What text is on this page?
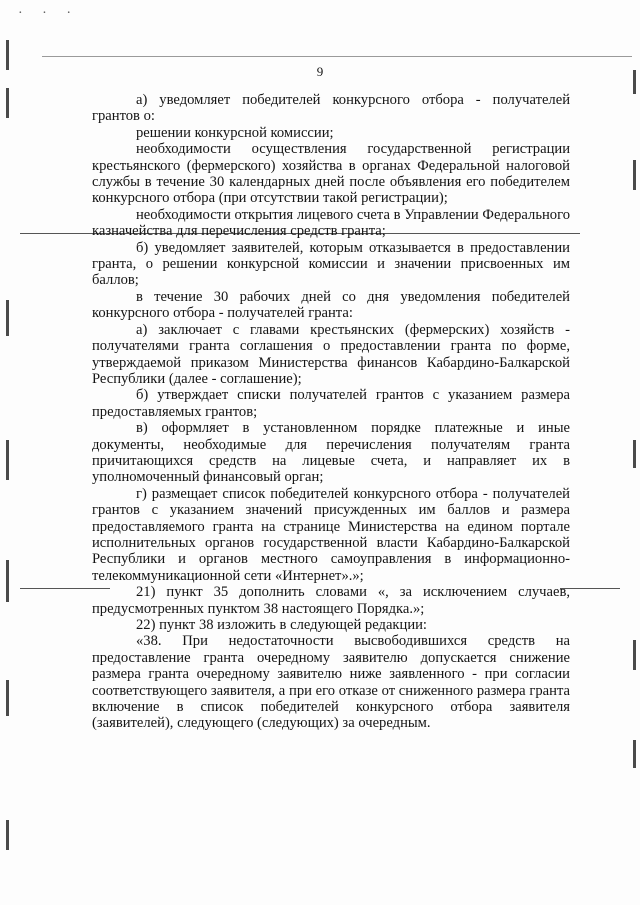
· · ·
9

а) уведомляет победителей конкурсного отбора - получателей грантов о:

решении конкурсной комиссии;

необходимости осуществления государственной регистрации крестьянского (фермерского) хозяйства в органах Федеральной налоговой службы в течение 30 календарных дней после объявления его победителем конкурсного отбора (при отсутствии такой регистрации);

необходимости открытия лицевого счета в Управлении Федерального казначейства для перечисления средств гранта;

б) уведомляет заявителей, которым отказывается в предоставлении гранта, о решении конкурсной комиссии и значении присвоенных им баллов;

в течение 30 рабочих дней со дня уведомления победителей конкурсного отбора - получателей гранта:

а) заключает с главами крестьянских (фермерских) хозяйств - получателями гранта соглашения о предоставлении гранта по форме, утверждаемой приказом Министерства финансов Кабардино-Балкарской Республики (далее - соглашение);

б) утверждает списки получателей грантов с указанием размера предоставляемых грантов;

в) оформляет в установленном порядке платежные и иные документы, необходимые для перечисления получателям гранта причитающихся средств на лицевые счета, и направляет их в уполномоченный финансовый орган;

г) размещает список победителей конкурсного отбора - получателей грантов с указанием значений присужденных им баллов и размера предоставляемого гранта на странице Министерства на едином портале исполнительных органов государственной власти Кабардино-Балкарской Республики и органов местного самоуправления в информационно-телекоммуникационной сети «Интернет».»;

21) пункт 35 дополнить словами «, за исключением случаев, предусмотренных пунктом 38 настоящего Порядка.»;

22) пункт 38 изложить в следующей редакции:

«38. При недостаточности высвободившихся средств на предоставление гранта очередному заявителю допускается снижение размера гранта очередному заявителю ниже заявленного - при согласии соответствующего заявителя, а при его отказе от сниженного размера гранта включение в список победителей конкурсного отбора заявителя (заявителей), следующего (следующих) за очередным.
